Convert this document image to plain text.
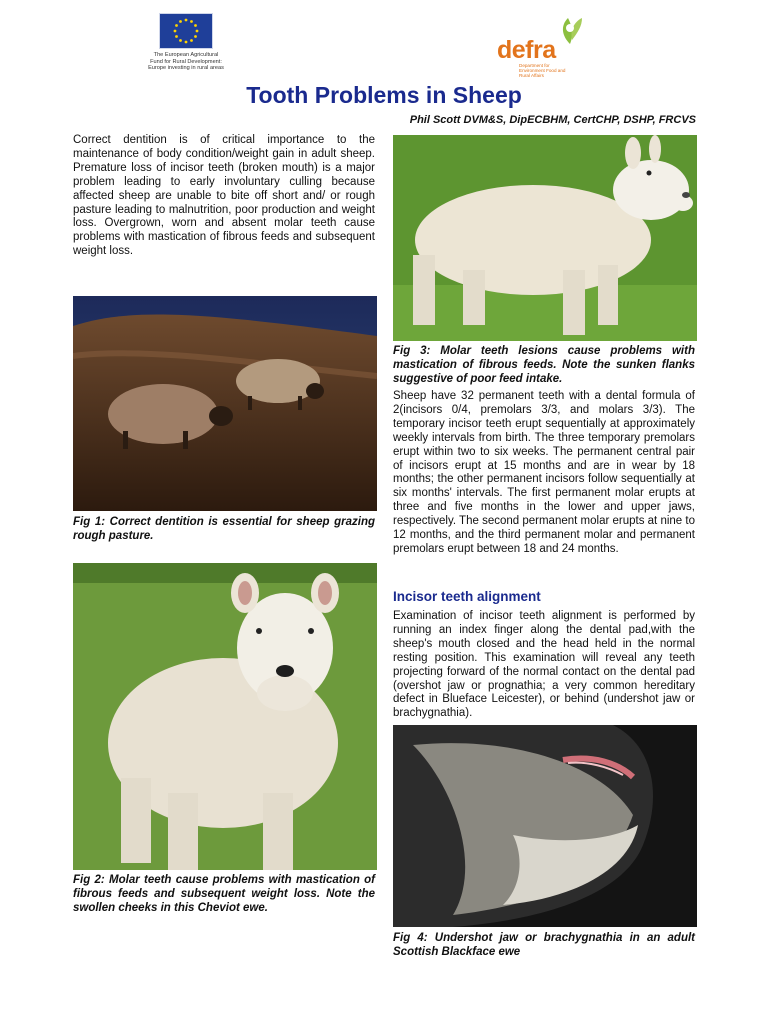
The European Agricultural
Fund for Rural Development:
Europe investing in rural areas
defra
Department for Environment Food and Rural Affairs
Tooth Problems in Sheep
Phil Scott DVM&S, DipECBHM, CertCHP, DSHP, FRCVS

Correct dentition is of critical importance to the maintenance of body condition/weight gain in adult sheep. Premature loss of incisor teeth (broken mouth) is a major problem leading to early involuntary culling because affected sheep are unable to bite off short and/ or rough pasture leading to malnutrition, poor production and weight loss. Overgrown, worn and absent molar teeth cause problems with mastication of fibrous feeds and subsequent weight loss.

Fig 1: Correct dentition is essential for sheep grazing rough pasture.

Fig 2: Molar teeth cause problems with mastication of fibrous feeds and subsequent weight loss. Note the swollen cheeks in this Cheviot ewe.

Fig 3: Molar teeth lesions cause problems with mastication of fibrous feeds. Note the sunken flanks suggestive of poor feed intake.

Sheep have 32 permanent teeth with a dental formula of 2(incisors 0/4, premolars 3/3, and molars 3/3). The temporary incisor teeth erupt sequentially at approximately weekly intervals from birth. The three temporary premolars erupt within two to six weeks. The permanent central pair of incisors erupt at 15 months and are in wear by 18 months; the other permanent incisors follow sequentially at six months' intervals. The first permanent molar erupts at three and five months in the lower and upper jaws, respectively. The second permanent molar erupts at nine to 12 months, and the third permanent molar and permanent premolars erupt between 18 and 24 months.

Incisor teeth alignment

Examination of incisor teeth alignment is performed by running an index finger along the dental pad,with the sheep's mouth closed and the head held in the normal resting position. This examination will reveal any teeth projecting forward of the normal contact on the dental pad (overshot jaw or prognathia; a very common hereditary defect in Blueface Leicester), or behind (undershot jaw or brachygnathia).

Fig 4: Undershot jaw or brachygnathia in an adult Scottish Blackface ewe
